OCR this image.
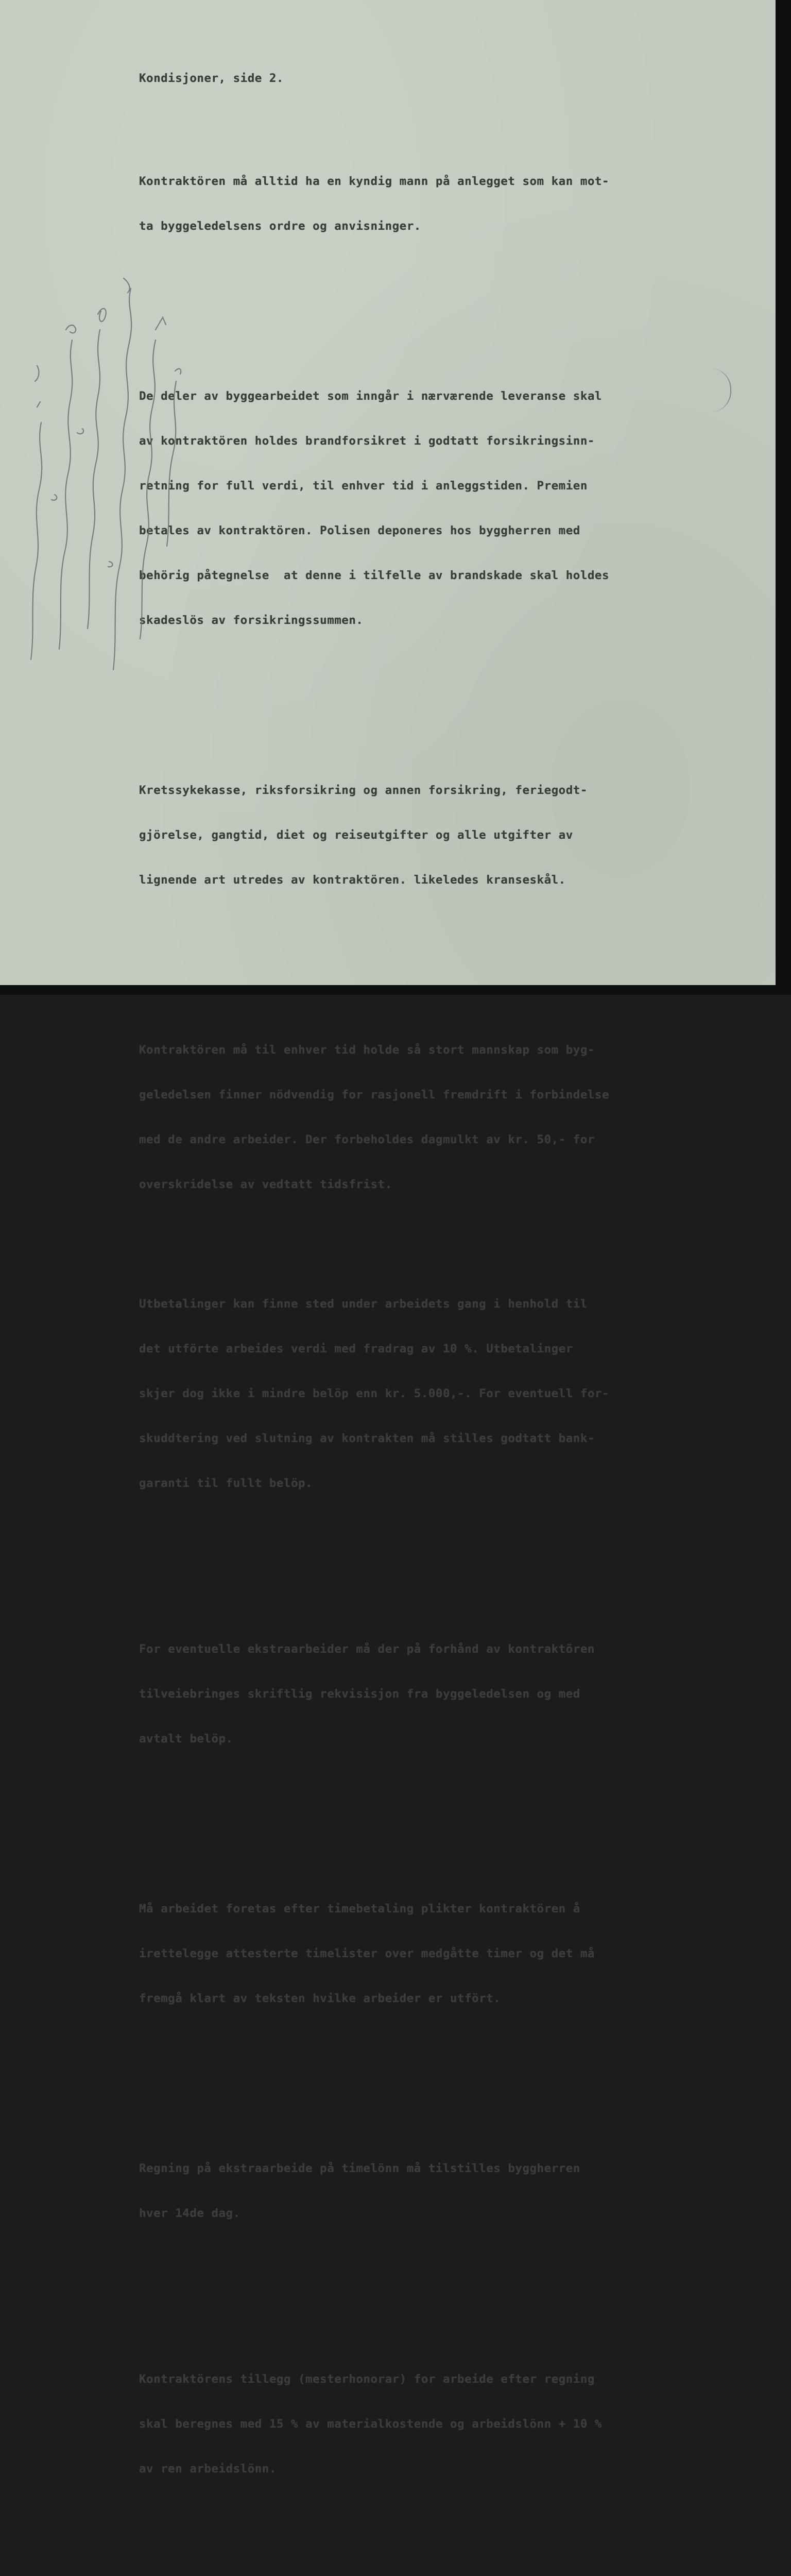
Kondisjoner, side 2.

Kontraktören må alltid ha en kyndig mann på anlegget som kan mot-

ta byggeledelsens ordre og anvisninger.

De deler av byggearbeidet som inngår i nærværende leveranse skal

av kontraktören holdes brandforsikret i godtatt forsikringsinn-

retning for full verdi, til enhver tid i anleggstiden. Premien

betales av kontraktören. Polisen deponeres hos byggherren med

behörig påtegnelse  at denne i tilfelle av brandskade skal holdes

skadeslös av forsikringssummen.

Kretssykekasse, riksforsikring og annen forsikring, feriegodt-

gjörelse, gangtid, diet og reiseutgifter og alle utgifter av

lignende art utredes av kontraktören. likeledes kranseskål.

Kontraktören må til enhver tid holde så stort mannskap som byg-

geledelsen finner nödvendig for rasjonell fremdrift i forbindelse

med de andre arbeider. Der forbeholdes dagmulkt av kr. 50,- for

overskridelse av vedtatt tidsfrist.

Utbetalinger kan finne sted under arbeidets gang i henhold til

det utförte arbeides verdi med fradrag av 10 %. Utbetalinger

skjer dog ikke i mindre belöp enn kr. 5.000,-. For eventuell for-

skuddtering ved slutning av kontrakten må stilles godtatt bank-

garanti til fullt belöp.

For eventuelle ekstraarbeider må der på forhånd av kontraktören

tilveiebringes skriftlig rekvisisjon fra byggeledelsen og med

avtalt belöp.

Må arbeidet foretas efter timebetaling plikter kontraktören å

irettelegge attesterte timelister over medgåtte timer og det må

fremgå klart av teksten hvilke arbeider er utfört.

Regning på ekstraarbeide på timelönn må tilstilles byggherren

hver 14de dag.

Kontraktörens tillegg (mesterhonorar) for arbeide efter regning

skal beregnes med 15 % av materialkostende og arbeidslönn + 10 %

av ren arbeidslönn.
